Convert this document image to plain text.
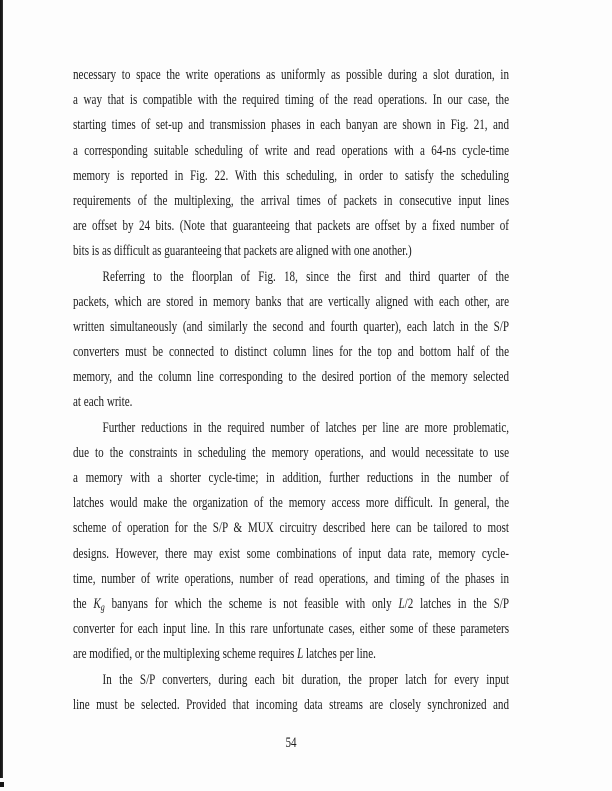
necessary to space the write operations as uniformly as possible during a slot duration, in
a way that is compatible with the required timing of the read operations. In our case, the
starting times of set-up and transmission phases in each banyan are shown in Fig. 21, and
a corresponding suitable scheduling of write and read operations with a 64-ns cycle-time
memory is reported in Fig. 22. With this scheduling, in order to satisfy the scheduling
requirements of the multiplexing, the arrival times of packets in consecutive input lines
are offset by 24 bits. (Note that guaranteeing that packets are offset by a fixed number of
bits is as difficult as guaranteeing that packets are aligned with one another.)
Referring to the floorplan of Fig. 18, since the first and third quarter of the
packets, which are stored in memory banks that are vertically aligned with each other, are
written simultaneously (and similarly the second and fourth quarter), each latch in the S/P
converters must be connected to distinct column lines for the top and bottom half of the
memory, and the column line corresponding to the desired portion of the memory selected
at each write.
Further reductions in the required number of latches per line are more problematic,
due to the constraints in scheduling the memory operations, and would necessitate to use
a memory with a shorter cycle-time; in addition, further reductions in the number of
latches would make the organization of the memory access more difficult. In general, the
scheme of operation for the S/P & MUX circuitry described here can be tailored to most
designs. However, there may exist some combinations of input data rate, memory cycle-
time, number of write operations, number of read operations, and timing of the phases in
the $K_g$ banyans for which the scheme is not feasible with only L/2 latches in the S/P
converter for each input line. In this rare unfortunate cases, either some of these parameters
are modified, or the multiplexing scheme requires L latches per line.
In the S/P converters, during each bit duration, the proper latch for every input
line must be selected. Provided that incoming data streams are closely synchronized and
54
